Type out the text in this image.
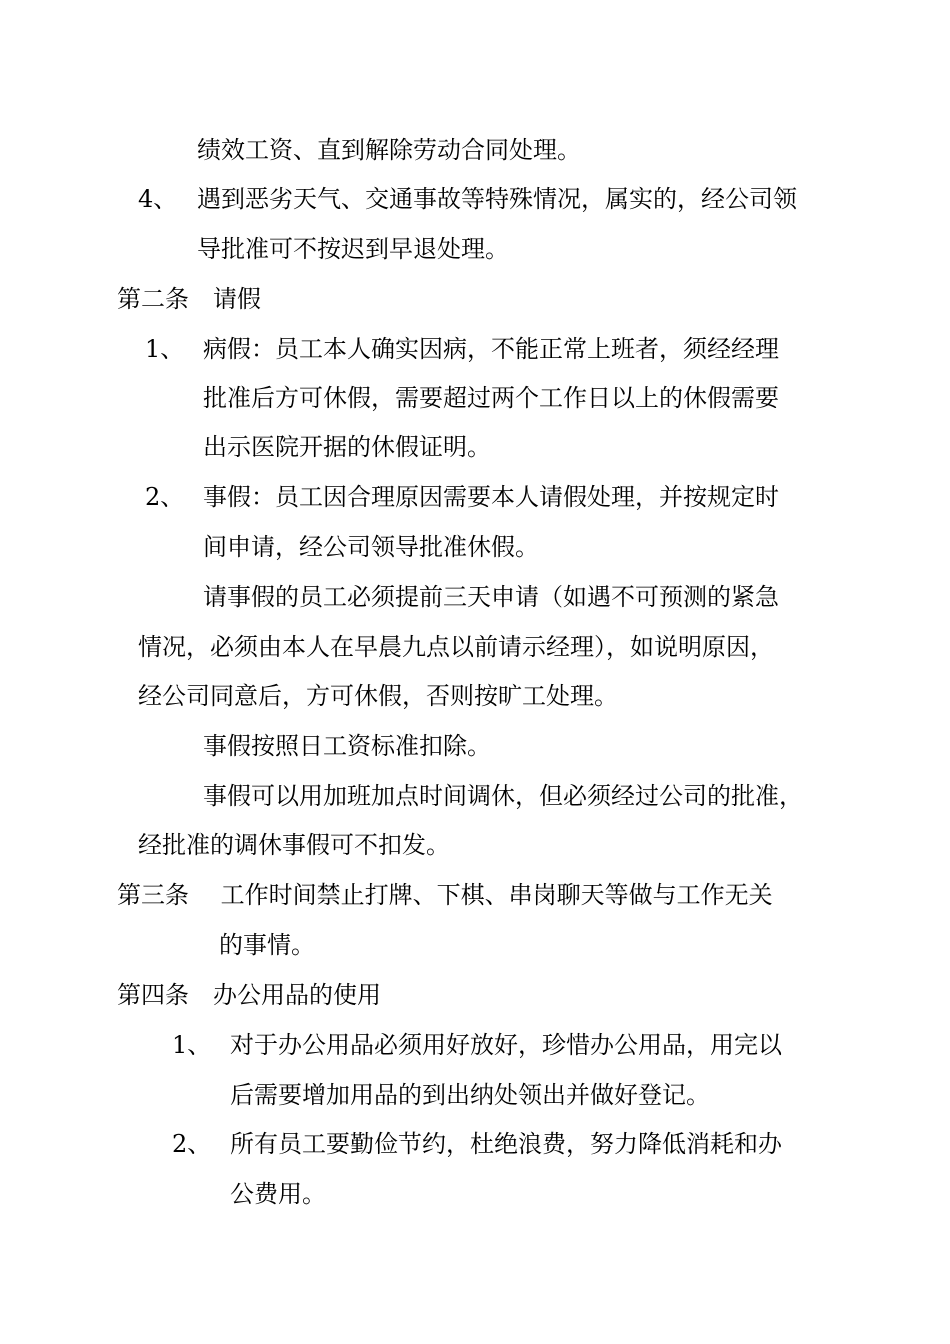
绩效工资、直到解除劳动合同处理。
4、 遇到恶劣天气、交通事故等特殊情况，属实的，经公司领
导批准可不按迟到早退处理。
第二条　请假
1、 病假：员工本人确实因病，不能正常上班者，须经经理
批准后方可休假，需要超过两个工作日以上的休假需要
出示医院开据的休假证明。
2、 事假：员工因合理原因需要本人请假处理，并按规定时
间申请，经公司领导批准休假。
请事假的员工必须提前三天申请（如遇不可预测的紧急
情况，必须由本人在早晨九点以前请示经理），如说明原因，
经公司同意后，方可休假，否则按旷工处理。
事假按照日工资标准扣除。
事假可以用加班加点时间调休，但必须经过公司的批准，
经批准的调休事假可不扣发。
第三条　 工作时间禁止打牌、下棋、串岗聊天等做与工作无关
的事情。
第四条　办公用品的使用
1、 对于办公用品必须用好放好，珍惜办公用品，用完以
后需要增加用品的到出纳处领出并做好登记。
2、 所有员工要勤俭节约，杜绝浪费，努力降低消耗和办
公费用。
